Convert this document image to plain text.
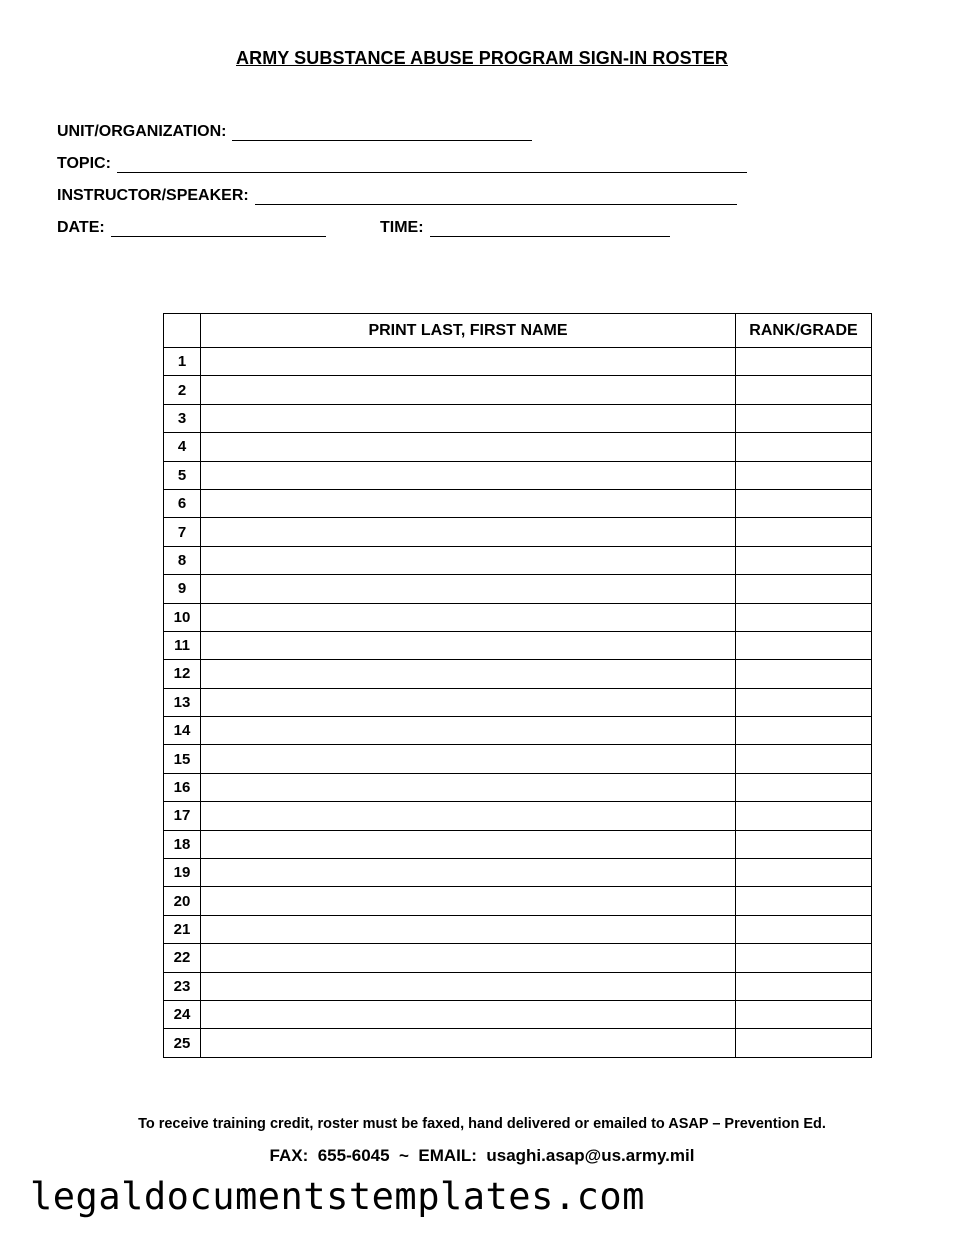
ARMY SUBSTANCE ABUSE PROGRAM SIGN-IN ROSTER
UNIT/ORGANIZATION:
TOPIC:
INSTRUCTOR/SPEAKER:
DATE:	TIME:
	PRINT LAST, FIRST NAME	RANK/GRADE
1		
2		
3		
4		
5		
6		
7		
8		
9		
10		
11		
12		
13		
14		
15		
16		
17		
18		
19		
20		
21		
22		
23		
24		
25		
To receive training credit, roster must be faxed, hand delivered or emailed to ASAP – Prevention Ed.
FAX:  655-6045  ~  EMAIL:  usaghi.asap@us.army.mil
legaldocumentstemplates.com
